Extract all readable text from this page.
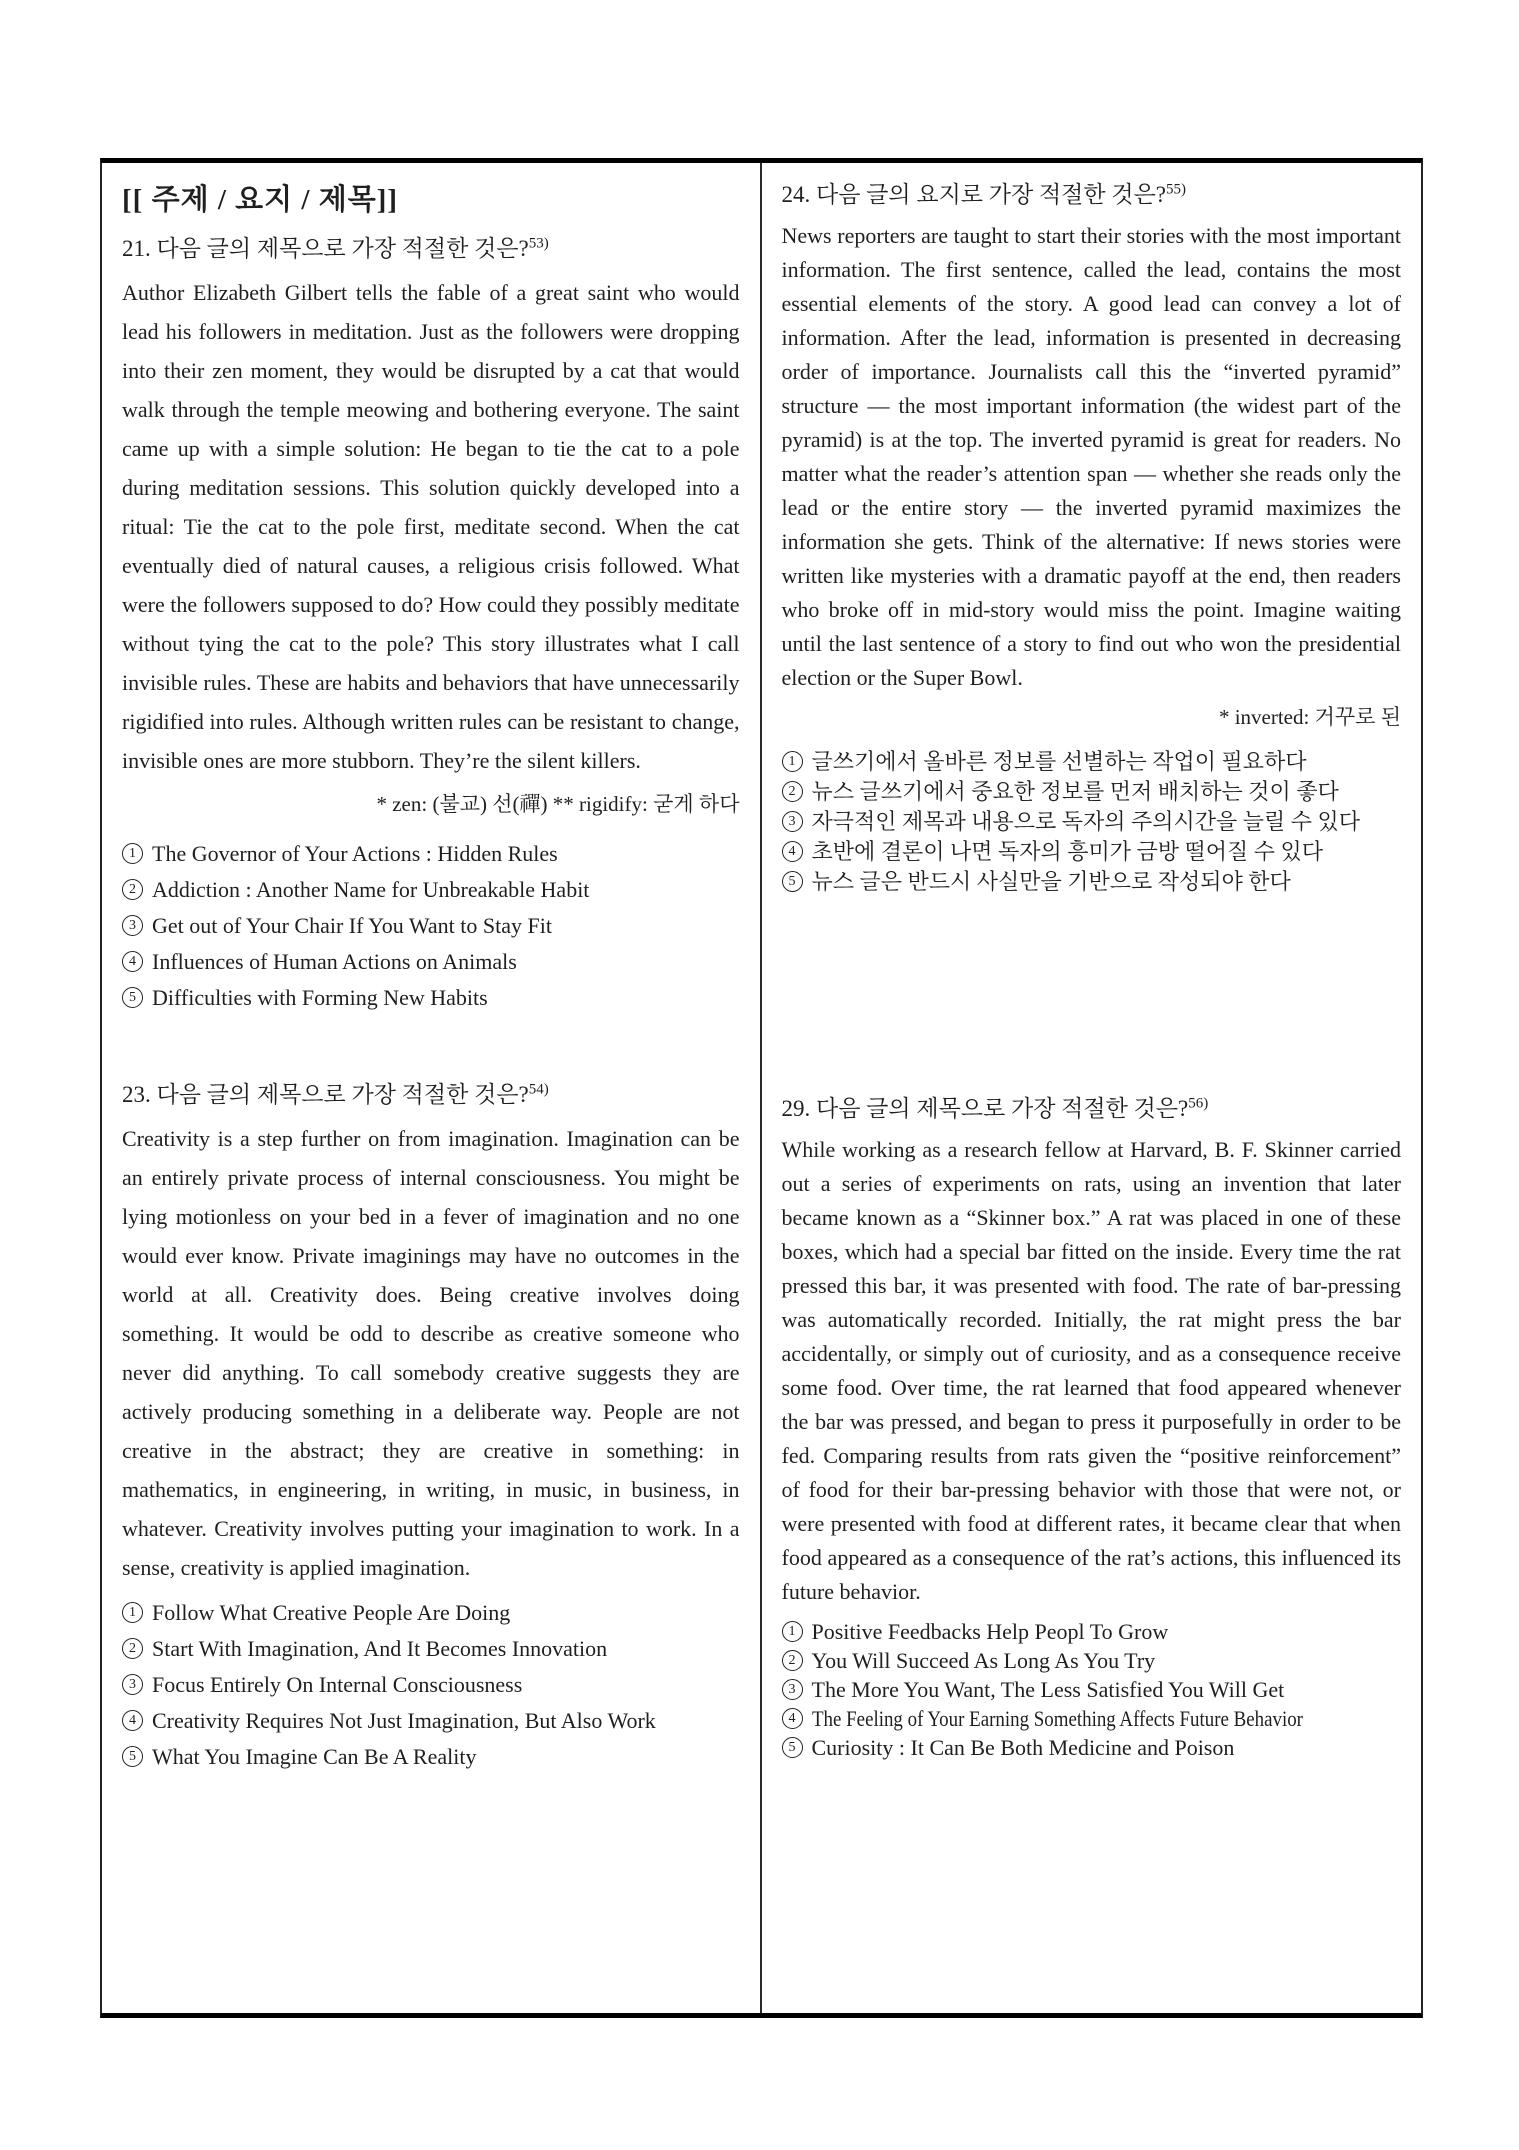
[[ 주제 / 요지 / 제목]]
21. 다음 글의 제목으로 가장 적절한 것은?$^{53)}$

Author Elizabeth Gilbert tells the fable of a great saint who would lead his followers in meditation. Just as the followers were dropping into their zen moment, they would be disrupted by a cat that would walk through the temple meowing and bothering everyone. The saint came up with a simple solution: He began to tie the cat to a pole during meditation sessions. This solution quickly developed into a ritual: Tie the cat to the pole first, meditate second. When the cat eventually died of natural causes, a religious crisis followed. What were the followers supposed to do? How could they possibly meditate without tying the cat to the pole? This story illustrates what I call invisible rules. These are habits and behaviors that have unnecessarily rigidified into rules. Although written rules can be resistant to change, invisible ones are more stubborn. They’re the silent killers.

* zen: (불교) 선(禪) ** rigidify: 굳게 하다

1 The Governor of Your Actions : Hidden Rules
2 Addiction : Another Name for Unbreakable Habit
3 Get out of Your Chair If You Want to Stay Fit
4 Influences of Human Actions on Animals
5 Difficulties with Forming New Habits
23. 다음 글의 제목으로 가장 적절한 것은?$^{54)}$

Creativity is a step further on from imagination. Imagination can be an entirely private process of internal consciousness. You might be lying motionless on your bed in a fever of imagination and no one would ever know. Private imaginings may have no outcomes in the world at all. Creativity does. Being creative involves doing something. It would be odd to describe as creative someone who never did anything. To call somebody creative suggests they are actively producing something in a deliberate way. People are not creative in the abstract; they are creative in something: in mathematics, in engineering, in writing, in music, in business, in whatever. Creativity involves putting your imagination to work. In a sense, creativity is applied imagination.

1 Follow What Creative People Are Doing
2 Start With Imagination, And It Becomes Innovation
3 Focus Entirely On Internal Consciousness
4 Creativity Requires Not Just Imagination, But Also Work
5 What You Imagine Can Be A Reality
24. 다음 글의 요지로 가장 적절한 것은?$^{55)}$

News reporters are taught to start their stories with the most important information. The first sentence, called the lead, contains the most essential elements of the story. A good lead can convey a lot of information. After the lead, information is presented in decreasing order of importance. Journalists call this the “inverted pyramid” structure — the most important information (the widest part of the pyramid) is at the top. The inverted pyramid is great for readers. No matter what the reader’s attention span — whether she reads only the lead or the entire story — the inverted pyramid maximizes the information she gets. Think of the alternative: If news stories were written like mysteries with a dramatic payoff at the end, then readers who broke off in mid-story would miss the point. Imagine waiting until the last sentence of a story to find out who won the presidential election or the Super Bowl.

* inverted: 거꾸로 된

1 글쓰기에서 올바른 정보를 선별하는 작업이 필요하다
2 뉴스 글쓰기에서 중요한 정보를 먼저 배치하는 것이 좋다
3 자극적인 제목과 내용으로 독자의 주의시간을 늘릴 수 있다
4 초반에 결론이 나면 독자의 흥미가 금방 떨어질 수 있다
5 뉴스 글은 반드시 사실만을 기반으로 작성되야 한다
29. 다음 글의 제목으로 가장 적절한 것은?$^{56)}$

While working as a research fellow at Harvard, B. F. Skinner carried out a series of experiments on rats, using an invention that later became known as a “Skinner box.” A rat was placed in one of these boxes, which had a special bar fitted on the inside. Every time the rat pressed this bar, it was presented with food. The rate of bar-pressing was automatically recorded. Initially, the rat might press the bar accidentally, or simply out of curiosity, and as a consequence receive some food. Over time, the rat learned that food appeared whenever the bar was pressed, and began to press it purposefully in order to be fed. Comparing results from rats given the “positive reinforcement” of food for their bar-pressing behavior with those that were not, or were presented with food at different rates, it became clear that when food appeared as a consequence of the rat’s actions, this influenced its future behavior.

1 Positive Feedbacks Help Peopl To Grow
2 You Will Succeed As Long As You Try
3 The More You Want, The Less Satisfied You Will Get
4 The Feeling of Your Earning Something Affects Future Behavior
5 Curiosity : It Can Be Both Medicine and Poison
